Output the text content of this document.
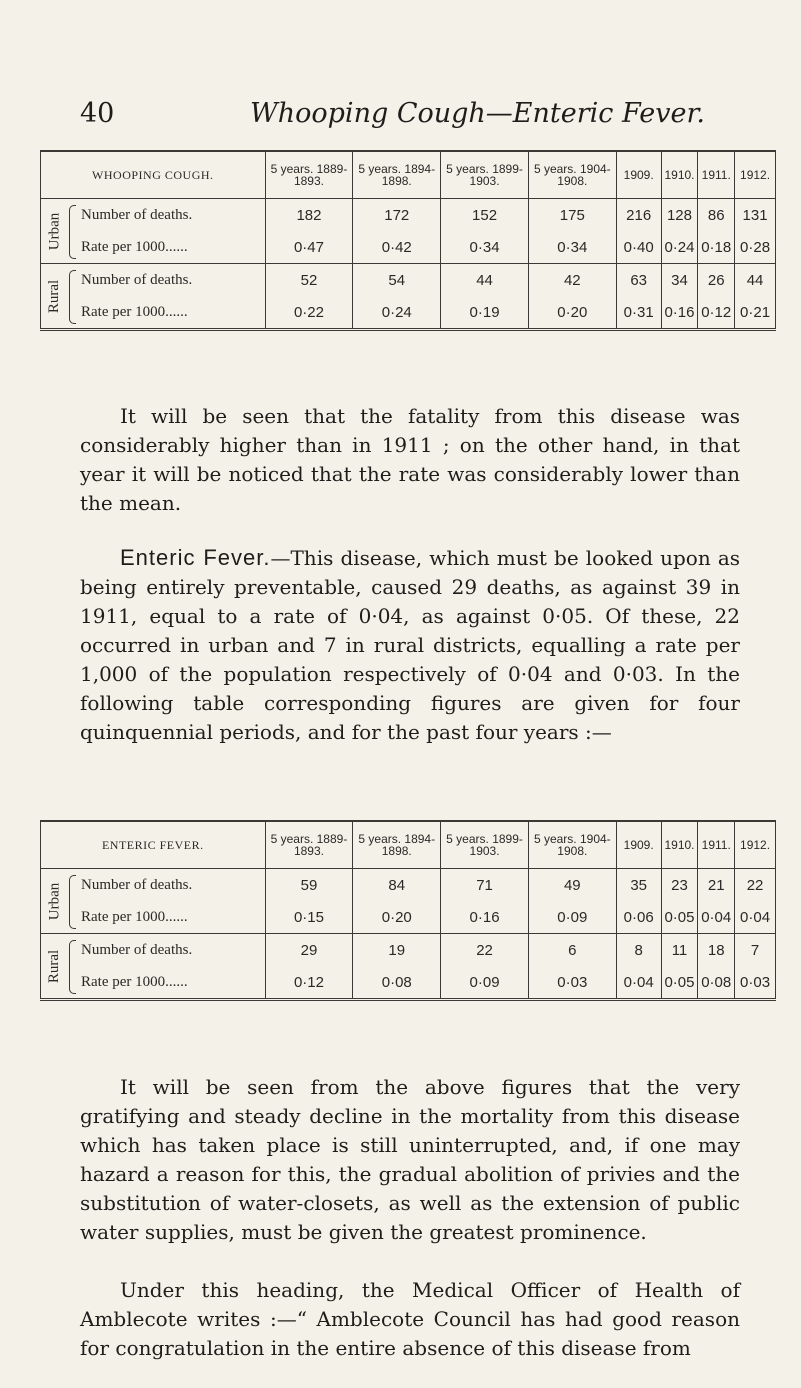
40	Whooping Cough—Enteric Fever.
WHOOPING COUGH.	5 years. 1889-1893.	5 years. 1894-1898.	5 years. 1899-1903.	5 years. 1904-1908.	1909.	1910.	1911.	1912.

Urban Number of deaths.	182	172	152	175	216	128	86	131
Rate per 1000......	0·47	0·42	0·34	0·34	0·40	0·24	0·18	0·28

Rural Number of deaths.	52	54	44	42	63	34	26	44
Rate per 1000......	0·22	0·24	0·19	0·20	0·31	0·16	0·12	0·21

It will be seen that the fatality from this disease was considerably higher than in 1911 ; on the other hand, in that year it will be noticed that the rate was considerably lower than the mean.

Enteric Fever.—This disease, which must be looked upon as being entirely preventable, caused 29 deaths, as against 39 in 1911, equal to a rate of 0·04, as against 0·05. Of these, 22 occurred in urban and 7 in rural districts, equalling a rate per 1,000 of the population respectively of 0·04 and 0·03. In the following table corresponding figures are given for four quinquennial periods, and for the past four years :—

ENTERIC FEVER.	5 years. 1889-1893.	5 years. 1894-1898.	5 years. 1899-1903.	5 years. 1904-1908.	1909.	1910.	1911.	1912.

Urban Number of deaths.	59	84	71	49	35	23	21	22
Rate per 1000......	0·15	0·20	0·16	0·09	0·06	0·05	0·04	0·04

Rural Number of deaths.	29	19	22	6	8	11	18	7
Rate per 1000......	0·12	0·08	0·09	0·03	0·04	0·05	0·08	0·03

It will be seen from the above figures that the very gratifying and steady decline in the mortality from this disease which has taken place is still uninterrupted, and, if one may hazard a reason for this, the gradual abolition of privies and the substitution of water-closets, as well as the extension of public water supplies, must be given the greatest prominence.

Under this heading, the Medical Officer of Health of Amblecote writes :—“ Amblecote Council has had good reason for congratulation in the entire absence of this disease from
